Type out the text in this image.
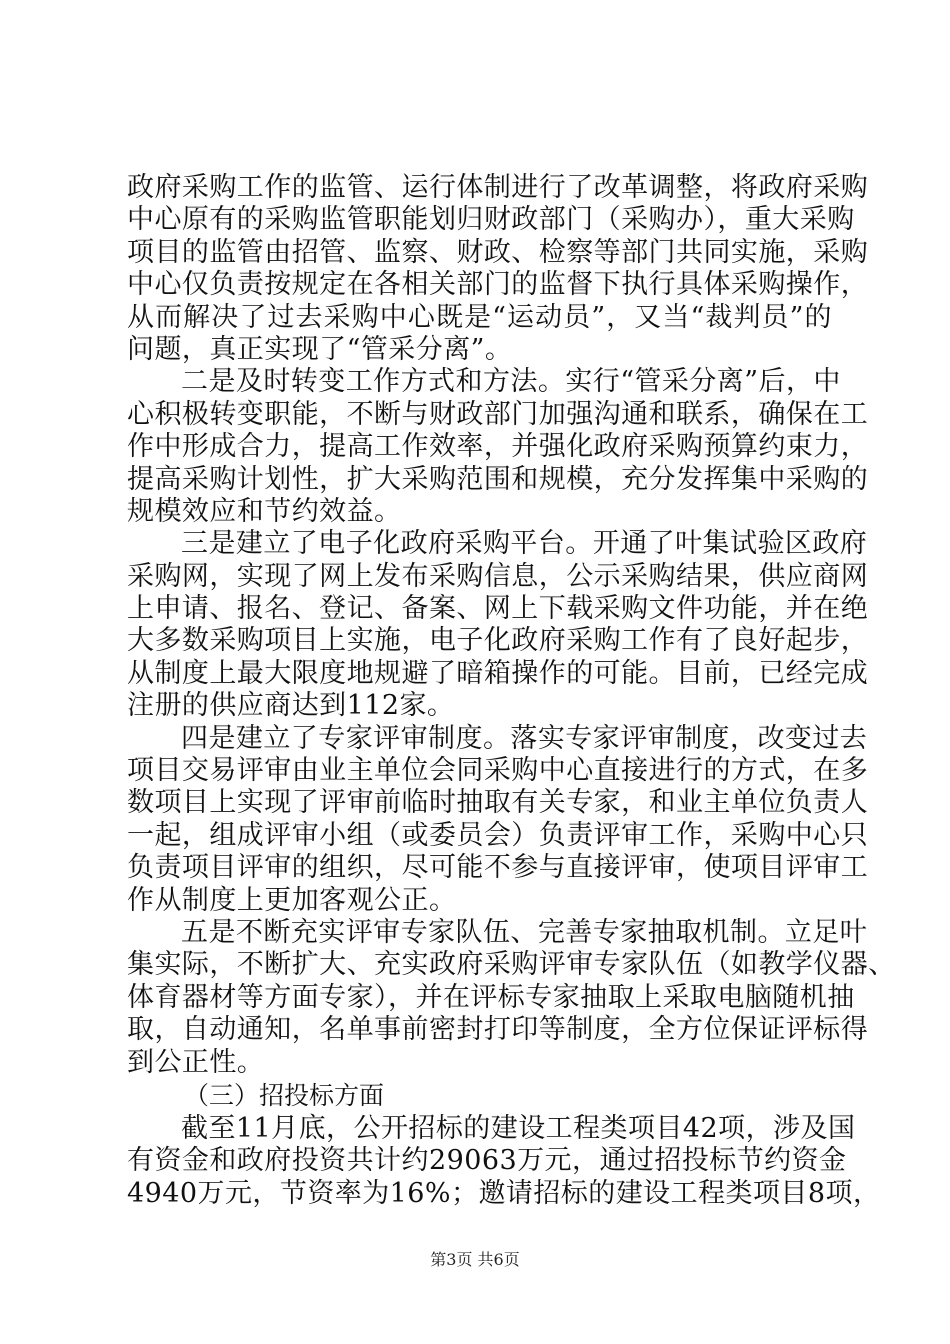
政府采购工作的监管、运行体制进行了改革调整，将政府采购
中心原有的采购监管职能划归财政部门（采购办），重大采购
项目的监管由招管、监察、财政、检察等部门共同实施，采购
中心仅负责按规定在各相关部门的监督下执行具体采购操作，
从而解决了过去采购中心既是“运动员”，又当“裁判员”的
问题，真正实现了“管采分离”。
二是及时转变工作方式和方法。实行“管采分离”后，中
心积极转变职能，不断与财政部门加强沟通和联系，确保在工
作中形成合力，提高工作效率，并强化政府采购预算约束力，
提高采购计划性，扩大采购范围和规模，充分发挥集中采购的
规模效应和节约效益。
三是建立了电子化政府采购平台。开通了叶集试验区政府
采购网，实现了网上发布采购信息，公示采购结果，供应商网
上申请、报名、登记、备案、网上下载采购文件功能，并在绝
大多数采购项目上实施，电子化政府采购工作有了良好起步，
从制度上最大限度地规避了暗箱操作的可能。目前，已经完成
注册的供应商达到112家。
四是建立了专家评审制度。落实专家评审制度，改变过去
项目交易评审由业主单位会同采购中心直接进行的方式，在多
数项目上实现了评审前临时抽取有关专家，和业主单位负责人
一起，组成评审小组（或委员会）负责评审工作，采购中心只
负责项目评审的组织，尽可能不参与直接评审，使项目评审工
作从制度上更加客观公正。
五是不断充实评审专家队伍、完善专家抽取机制。立足叶
集实际，不断扩大、充实政府采购评审专家队伍（如教学仪器、
体育器材等方面专家），并在评标专家抽取上采取电脑随机抽
取，自动通知，名单事前密封打印等制度，全方位保证评标得
到公正性。
（三）招投标方面
截至11月底，公开招标的建设工程类项目42项，涉及国
有资金和政府投资共计约29063万元，通过招投标节约资金
4940万元，节资率为16%；邀请招标的建设工程类项目8项，
第3页 共6页
